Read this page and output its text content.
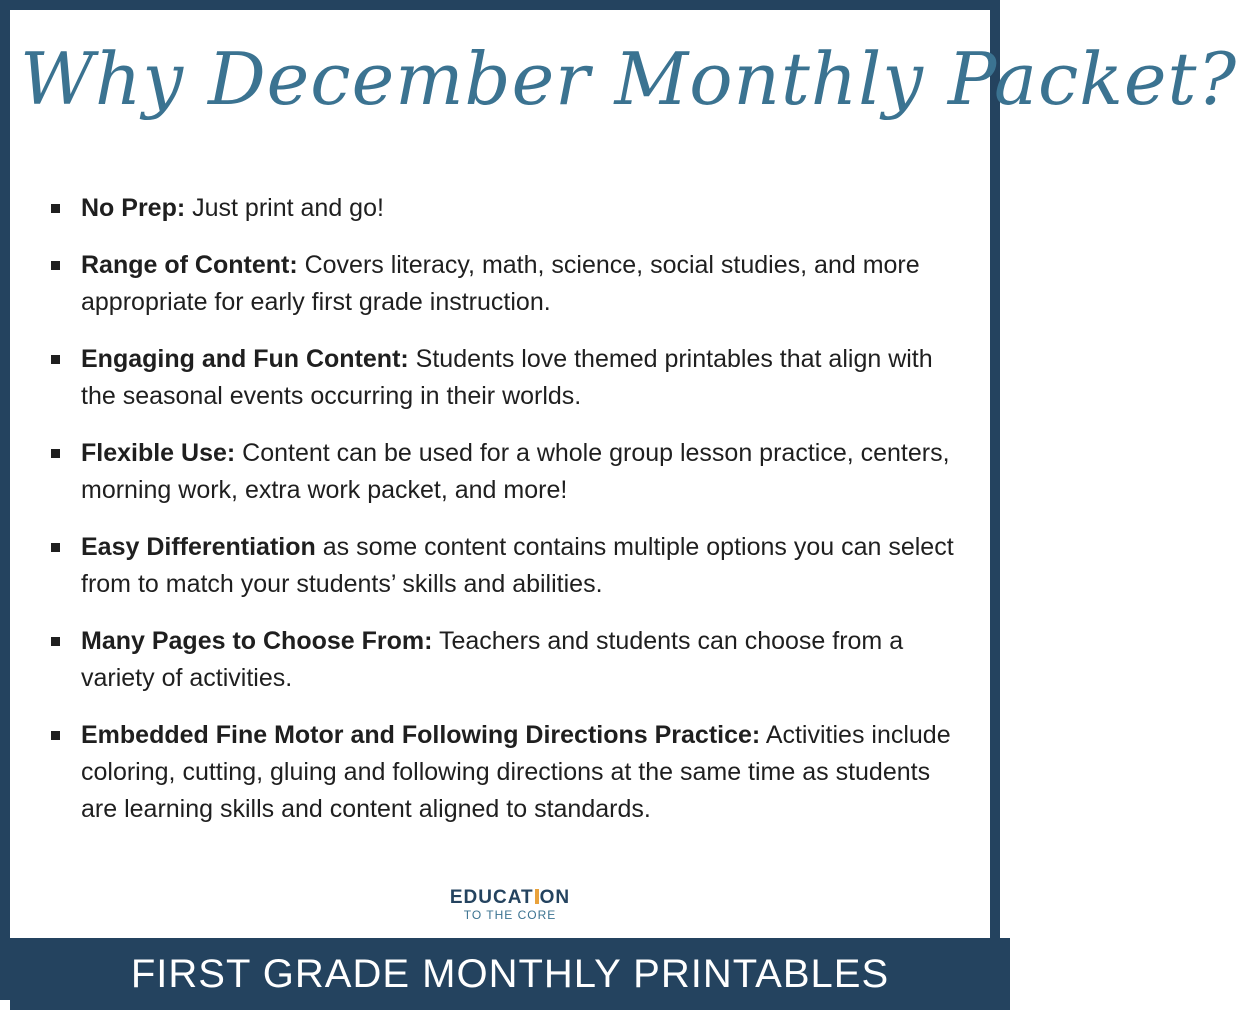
Why December Monthly Packet?
No Prep: Just print and go!
Range of Content: Covers literacy, math, science, social studies, and more appropriate for early first grade instruction.
Engaging and Fun Content: Students love themed printables that align with the seasonal events occurring in their worlds.
Flexible Use: Content can be used for a whole group lesson practice, centers, morning work, extra work packet, and more!
Easy Differentiation as some content contains multiple options you can select from to match your students’ skills and abilities.
Many Pages to Choose From: Teachers and students can choose from a variety of activities.
Embedded Fine Motor and Following Directions Practice: Activities include coloring, cutting, gluing and following directions at the same time as students are learning skills and content aligned to standards.
EDUCAT ON
TO THE CORE
FIRST GRADE MONTHLY PRINTABLES
